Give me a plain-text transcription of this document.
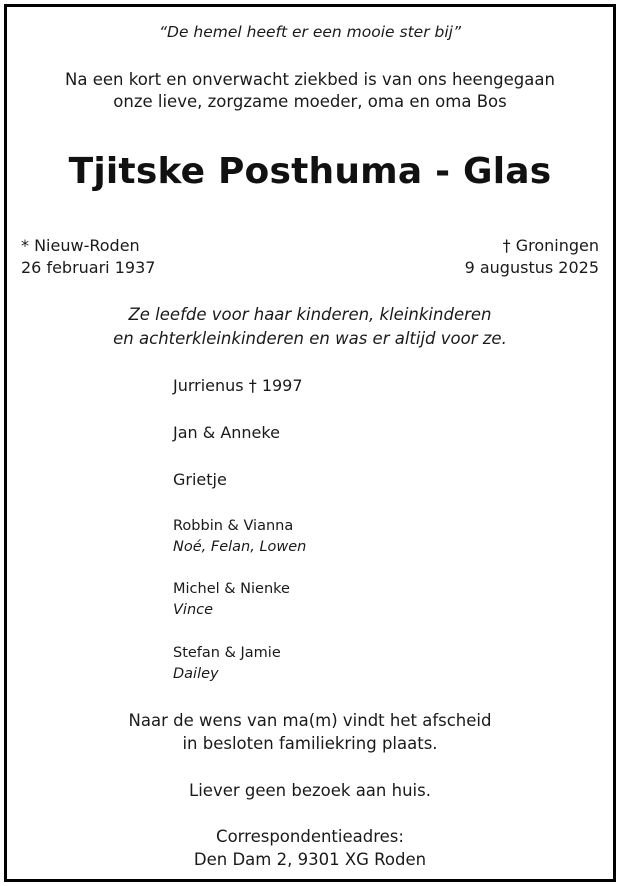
“De hemel heeft er een mooie ster bij”
Na een kort en onverwacht ziekbed is van ons heengegaan
onze lieve, zorgzame moeder, oma en oma Bos
Tjitske Posthuma - Glas
* Nieuw-Roden
26 februari 1937
† Groningen
9 augustus 2025
Ze leefde voor haar kinderen, kleinkinderen
en achterkleinkinderen en was er altijd voor ze.
Jurrienus † 1997
Jan & Anneke
Grietje
Robbin & Vianna
Noé, Felan, Lowen
Michel & Nienke
Vince
Stefan & Jamie
Dailey
Naar de wens van ma(m) vindt het afscheid
in besloten familiekring plaats.
Liever geen bezoek aan huis.
Correspondentieadres:
Den Dam 2, 9301 XG Roden
